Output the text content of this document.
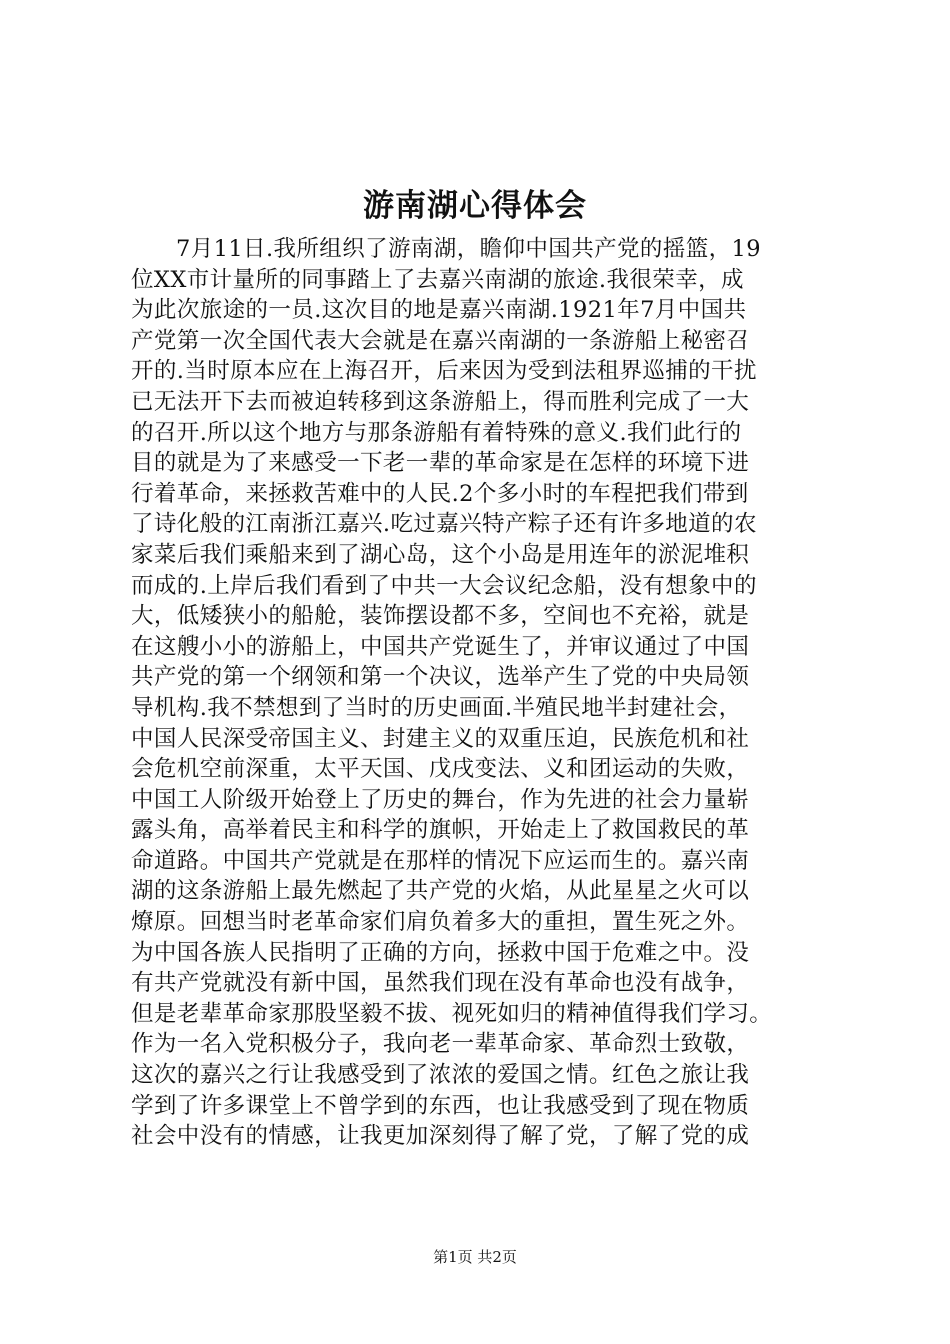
游南湖心得体会
7月11日.我所组织了游南湖，瞻仰中国共产党的摇篮，19
位XX市计量所的同事踏上了去嘉兴南湖的旅途.我很荣幸，成
为此次旅途的一员.这次目的地是嘉兴南湖.1921年7月中国共
产党第一次全国代表大会就是在嘉兴南湖的一条游船上秘密召
开的.当时原本应在上海召开，后来因为受到法租界巡捕的干扰
已无法开下去而被迫转移到这条游船上，得而胜利完成了一大
的召开.所以这个地方与那条游船有着特殊的意义.我们此行的
目的就是为了来感受一下老一辈的革命家是在怎样的环境下进
行着革命，来拯救苦难中的人民.2个多小时的车程把我们带到
了诗化般的江南浙江嘉兴.吃过嘉兴特产粽子还有许多地道的农
家菜后我们乘船来到了湖心岛，这个小岛是用连年的淤泥堆积
而成的.上岸后我们看到了中共一大会议纪念船，没有想象中的
大，低矮狭小的船舱，装饰摆设都不多，空间也不充裕，就是
在这艘小小的游船上，中国共产党诞生了，并审议通过了中国
共产党的第一个纲领和第一个决议，选举产生了党的中央局领
导机构.我不禁想到了当时的历史画面.半殖民地半封建社会，
中国人民深受帝国主义、封建主义的双重压迫，民族危机和社
会危机空前深重，太平天国、戊戌变法、义和团运动的失败，
中国工人阶级开始登上了历史的舞台，作为先进的社会力量崭
露头角，高举着民主和科学的旗帜，开始走上了救国救民的革
命道路。中国共产党就是在那样的情况下应运而生的。嘉兴南
湖的这条游船上最先燃起了共产党的火焰，从此星星之火可以
燎原。回想当时老革命家们肩负着多大的重担，置生死之外。
为中国各族人民指明了正确的方向，拯救中国于危难之中。没
有共产党就没有新中国，虽然我们现在没有革命也没有战争，
但是老辈革命家那股坚毅不拔、视死如归的精神值得我们学习。
作为一名入党积极分子，我向老一辈革命家、革命烈士致敬，
这次的嘉兴之行让我感受到了浓浓的爱国之情。红色之旅让我
学到了许多课堂上不曾学到的东西，也让我感受到了现在物质
社会中没有的情感，让我更加深刻得了解了党，了解了党的成
第1页 共2页
